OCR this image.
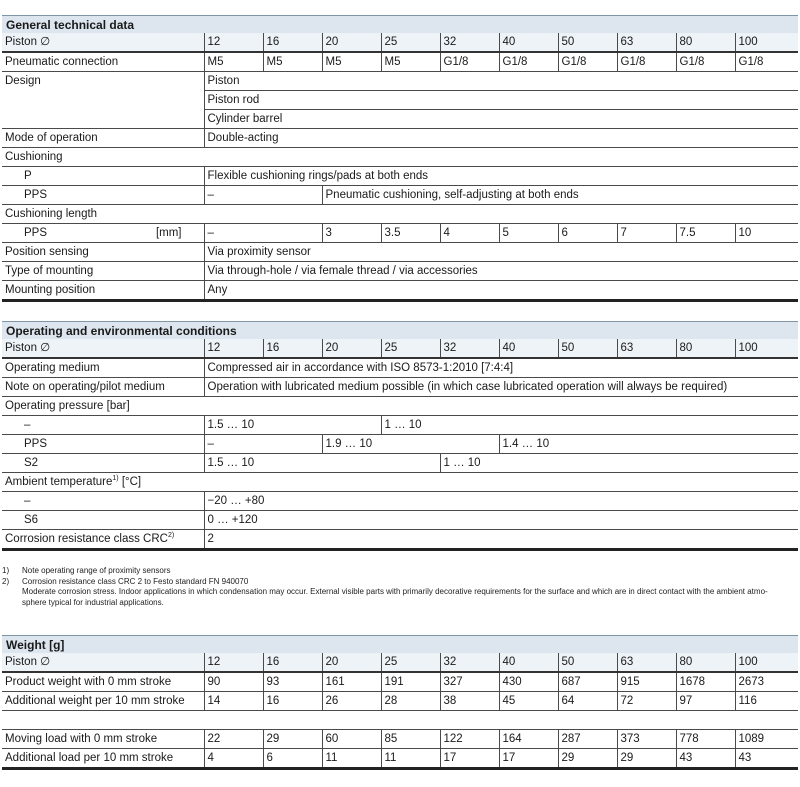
General technical data
Piston ∅	12	16	20	25	32	40	50	63	80	100
Pneumatic connection	M5	M5	M5	M5	G1/8	G1/8	G1/8	G1/8	G1/8	G1/8
Design	Piston									
	Piston rod									
	Cylinder barrel									
Mode of operation	Double-acting									
Cushioning										
P	Flexible cushioning rings/pads at both ends									
PPS	–		Pneumatic cushioning, self-adjusting at both ends							
Cushioning length										

PPS [mm]	–		3	3.5	4	5	6	7	7.5	10
Position sensing	Via proximity sensor									
Type of mounting	Via through-hole / via female thread / via accessories									
Mounting position	Any									
Operating and environmental conditions
Piston ∅	12	16	20	25	32	40	50	63	80	100
Operating medium	Compressed air in accordance with ISO 8573-1:2010 [7:4:4]									
Note on operating/pilot medium	Operation with lubricated medium possible (in which case lubricated operation will always be required)									
Operating pressure [bar]										
–	1.5 … 10			1 … 10						
PPS	–		1.9 … 10			1.4 … 10				
S2	1.5 … 10				1 … 10					
Ambient temperature$^{1)}$ [°C]										
–	−20 … +80									
S6	0 … +120									
Corrosion resistance class CRC$^{2)}$	2									
1)	Note operating range of proximity sensors
2)	Corrosion resistance class CRC 2 to Festo standard FN 940070
Moderate corrosion stress. Indoor applications in which condensation may occur. External visible parts with primarily decorative requirements for the surface and which are in direct contact with the ambient atmo-
sphere typical for industrial applications.
Weight [g]
Piston ∅	12	16	20	25	32	40	50	63	80	100
Product weight with 0 mm stroke	90	93	161	191	327	430	687	915	1678	2673
Additional weight per 10 mm stroke	14	16	26	28	38	45	64	72	97	116

Moving load with 0 mm stroke	22	29	60	85	122	164	287	373	778	1089
Additional load per 10 mm stroke	4	6	11	11	17	17	29	29	43	43
